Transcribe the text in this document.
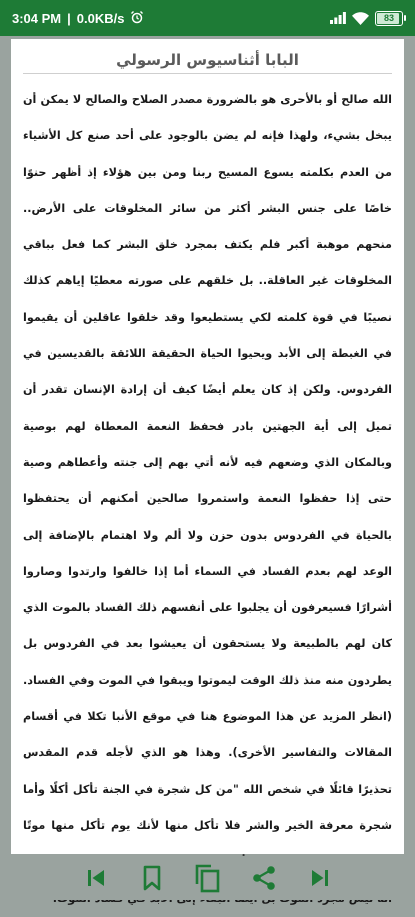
3:04 PM | 0.0KB/s	83
البابا أثناسيوس الرسولي

الله صالح أو بالأحرى هو بالضرورة مصدر الصلاح والصالح لا يمكن أن يبخل بشيء، ولهذا فإنه لم يضن بالوجود على أحد صنع كل الأشياء من العدم بكلمته يسوع المسيح ربنا ومن بين هؤلاء إذ أظهر حنوًا خاصًا على جنس البشر أكثر من سائر المخلوقات على الأرض.. منحهم موهبة أكبر فلم يكتف بمجرد خلق البشر كما فعل بباقي المخلوقات غير العاقلة.. بل خلقهم على صورته معطيًا إياهم كذلك نصيبًا في قوة كلمته لكي يستطيعوا وقد خلقوا عاقلين أن يقيموا في الغبطة إلى الأبد ويحيوا الحياة الحقيقة اللائقة بالقديسين في الفردوس. ولكن إذ كان يعلم أيضًا كيف أن إرادة الإنسان تقدر أن تميل إلى أية الجهتين بادر فحفظ النعمة المعطاة لهم بوصية وبالمكان الذي وضعهم فيه لأنه أتي بهم إلى جنته وأعطاهم وصية حتى إذا حفظوا النعمة واستمروا صالحين أمكنهم أن يحتفظوا بالحياة في الفردوس بدون حزن ولا ألم ولا اهتمام بالإضافة إلى الوعد لهم بعدم الفساد في السماء أما إذا خالفوا وارتدوا وصاروا أشرارًا فسيعرفون أن يجلبوا على أنفسهم ذلك الفساد بالموت الذي كان لهم بالطبيعة ولا يستحقون أن يعيشوا بعد في الفردوس بل يطردون منه منذ ذلك الوقت ليموتوا ويبقوا في الموت وفي الفساد. (انظر المزيد عن هذا الموضوع هنا في موقع الأنبا تكلا في أقسام المقالات والتفاسير الأخرى). وهذا هو الذي لأجله قدم المقدس تحذيرًا قائلًا في شخص الله "من كل شجرة في الجنة تأكل أكلًا وأما شجرة معرفة الخير والشر فلا تأكل منها لأنك يوم تأكل منها موتًا
